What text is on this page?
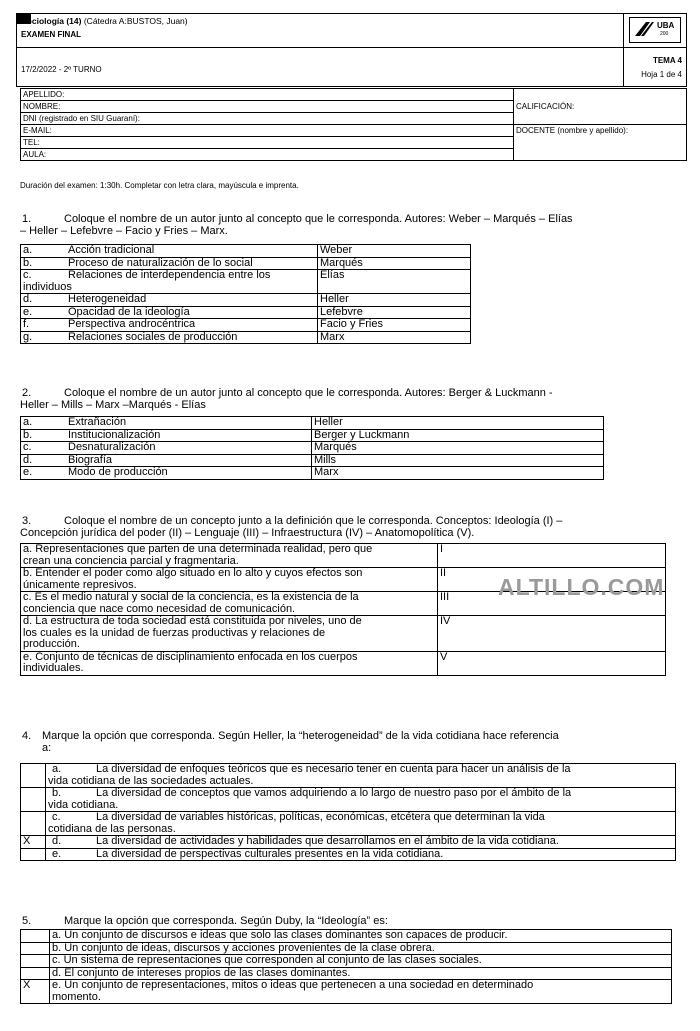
Sociología (14) (Cátedra A:BUSTOS, Juan)
EXAMEN FINAL
17/2/2022 - 2º TURNO
TEMA 4
Hoja 1 de 4
UBA
200
APELLIDO:	CALIFICACIÓN:
NOMBRE:	
DNI (registrado en SIU Guaraní):	
E-MAIL:	DOCENTE (nombre y apellido):
TEL:	
AULA:	
Duración del examen: 1:30h. Completar con letra clara, mayúscula e imprenta.
1.	Coloque el nombre de un autor junto al concepto que le corresponda. Autores: Weber – Marqués – Elías
– Heller – Lefebvre – Facio y Fries – Marx.
a. Acción tradicional	Weber
b. Proceso de naturalización de lo social	Marqués
c. Relaciones de interdependencia entre los
individuos	Elías
d. Heterogeneidad	Heller
e. Opacidad de la ideología	Lefebvre
f. Perspectiva androcéntrica	Facio y Fries
g. Relaciones sociales de producción	Marx
2.	Coloque el nombre de un autor junto al concepto que le corresponda. Autores: Berger & Luckmann -
Heller – Mills – Marx –Marqués - Elías
a. Extrañación	Heller
b. Institucionalización	Berger y Luckmann
c. Desnaturalización	Marqués
d. Biografía	Mills
e. Modo de producción	Marx
3.	Coloque el nombre de un concepto junto a la definición que le corresponda. Conceptos: Ideología (I) –
Concepción jurídica del poder (II) – Lenguaje (III) – Infraestructura (IV) – Anatomopolítica (V).
a. Representaciones que parten de una determinada realidad, pero que
crean una conciencia parcial y fragmentaria.	I

b. Entender el poder como algo situado en lo alto y cuyos efectos son
únicamente represivos.	II

c. Es el medio natural y social de la conciencia, es la existencia de la
conciencia que nace como necesidad de comunicación.	III

d. La estructura de toda sociedad está constituida por niveles, uno de
los cuales es la unidad de fuerzas productivas y relaciones de
producción.	IV

e. Conjunto de técnicas de disciplinamiento enfocada en los cuerpos
individuales.	V
ALTILLO.COM
4. Marque la opción que corresponda. Según Heller, la “heterogeneidad” de la vida cotidiana hace referencia
a:

	a. La diversidad de enfoques teóricos que es necesario tener en cuenta para hacer un análisis de la
vida cotidiana de las sociedades actuales.

	b. La diversidad de conceptos que vamos adquiriendo a lo largo de nuestro paso por el ámbito de la
vida cotidiana.

	c. La diversidad de variables históricas, políticas, económicas, etcétera que determinan la vida
cotidiana de las personas.

X	d. La diversidad de actividades y habilidades que desarrollamos en el ámbito de la vida cotidiana.

	e. La diversidad de perspectivas culturales presentes en la vida cotidiana.
5.	Marque la opción que corresponda. Según Duby, la “Ideología” es:

	a. Un conjunto de discursos e ideas que solo las clases dominantes son capaces de producir.

	b. Un conjunto de ideas, discursos y acciones provenientes de la clase obrera.

	c. Un sistema de representaciones que corresponden al conjunto de las clases sociales.

	d. El conjunto de intereses propios de las clases dominantes.

X	e. Un conjunto de representaciones, mitos o ideas que pertenecen a una sociedad en determinado
momento.
